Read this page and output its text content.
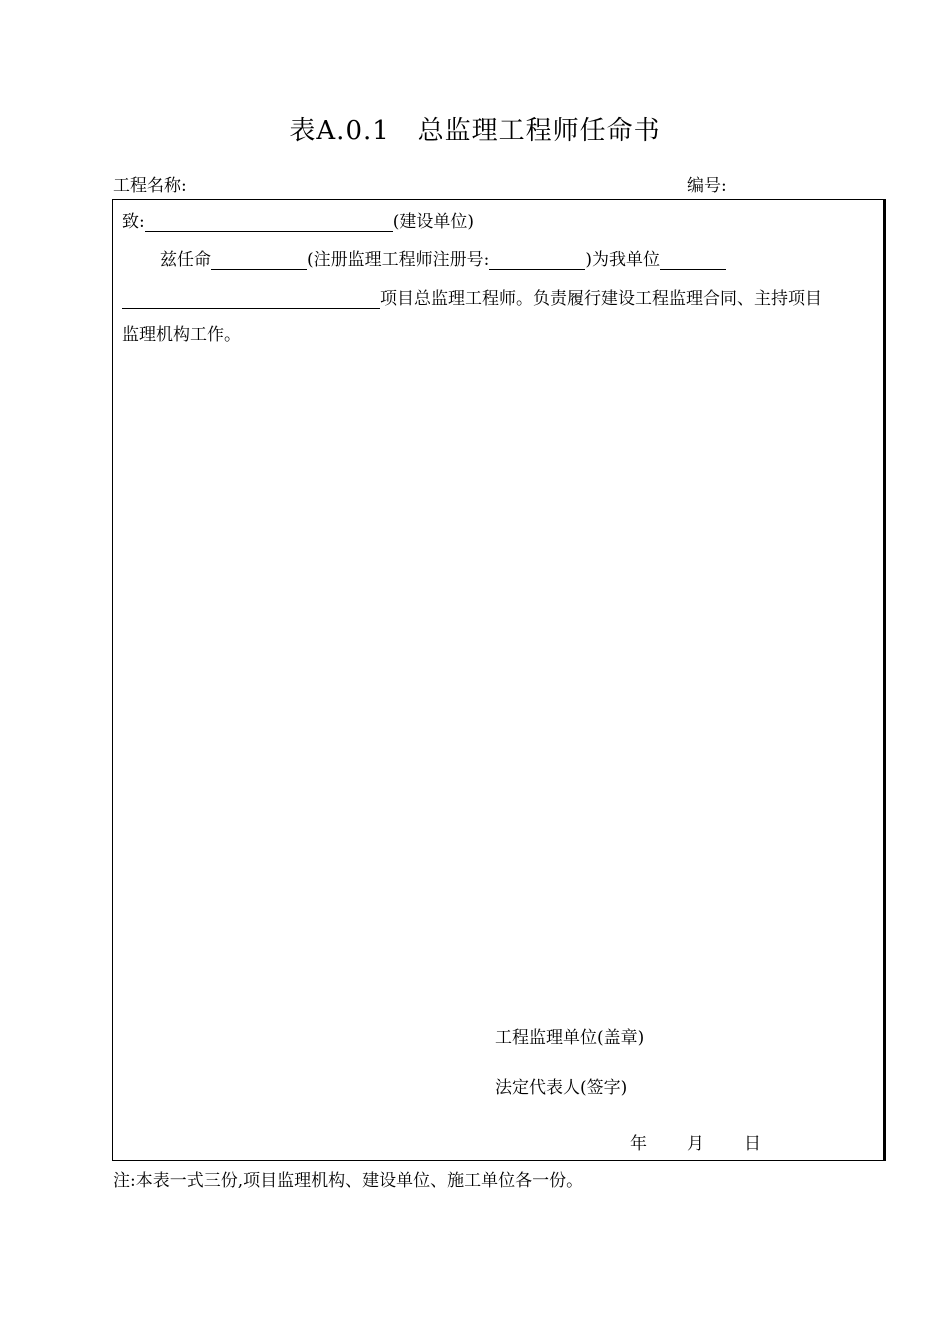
表A.0.1   总监理工程师任命书
工程名称:	编号:
致:	(建设单位)
兹任命	(注册监理工程师注册号:	)为我单位
项目总监理工程师。负责履行建设工程监理合同、主持项目
监理机构工作。
工程监理单位(盖章)
法定代表人(签字)
年 月 日
注:本表一式三份,项目监理机构、建设单位、施工单位各一份。
